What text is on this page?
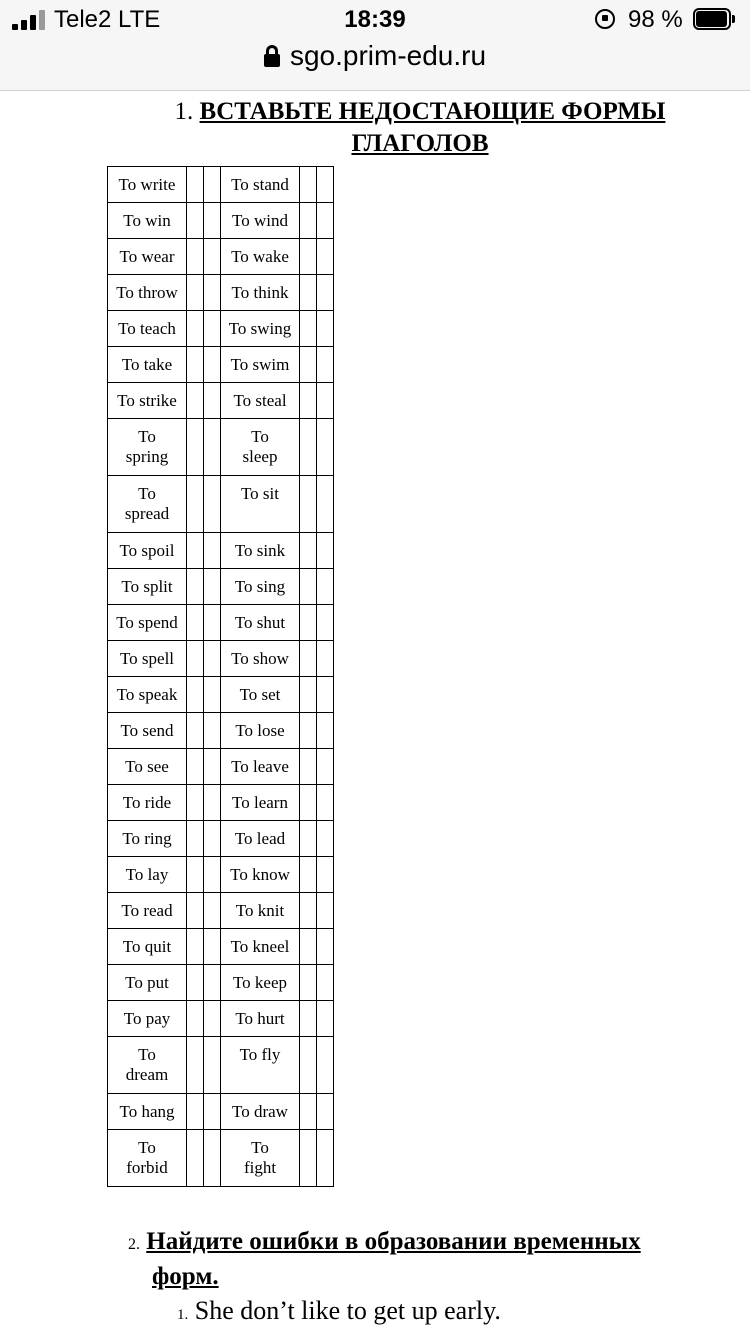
Tele2 LTE	18:39	98 %
sgo.prim-edu.ru
1. ВСТАВЬТЕ НЕДОСТАЮЩИЕ ФОРМЫ
ГЛАГОЛОВ
To write			To stand		
To win			To wind		
To wear			To wake		
To throw			To think		
To teach			To swing		
To take			To swim		
To strike			To steal		
To spring			To sleep		
To spread			To sit		
To spoil			To sink		
To split			To sing		
To spend			To shut		
To spell			To show		
To speak			To set		
To send			To lose		
To see			To leave		
To ride			To learn		
To ring			To lead		
To lay			To know		
To read			To knit		
To quit			To kneel		
To put			To keep		
To pay			To hurt		
To dream			To fly		
To hang			To draw		
To forbid			To fight		
2. Найдите ошибки в образовании временных
форм.
1. She don’t like to get up early.
